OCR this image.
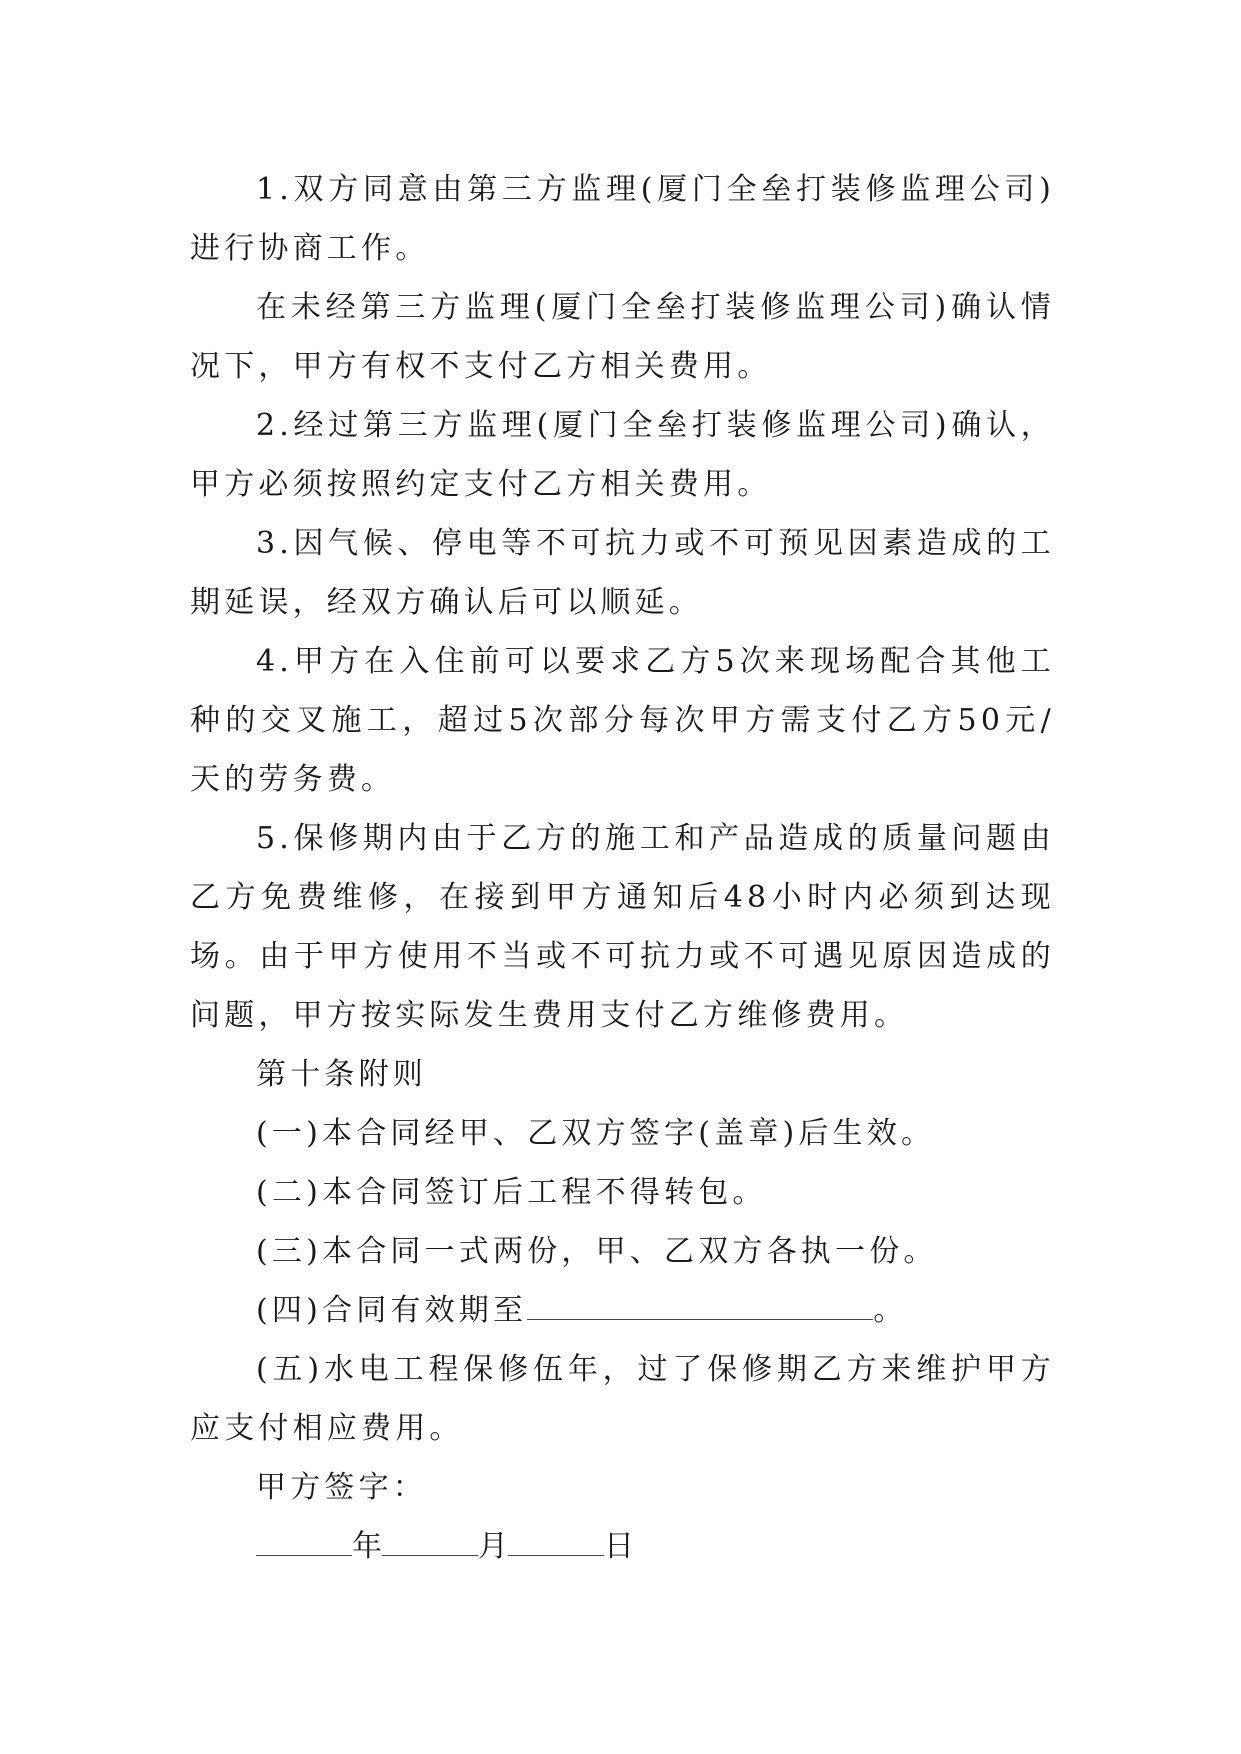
1.双方同意由第三方监理(厦门全垒打装修监理公司)进行协商工作。

在未经第三方监理(厦门全垒打装修监理公司)确认情况下，甲方有权不支付乙方相关费用。

2.经过第三方监理(厦门全垒打装修监理公司)确认，甲方必须按照约定支付乙方相关费用。

3.因气候、停电等不可抗力或不可预见因素造成的工期延误，经双方确认后可以顺延。

4.甲方在入住前可以要求乙方5次来现场配合其他工种的交叉施工，超过5次部分每次甲方需支付乙方50元/天的劳务费。

5.保修期内由于乙方的施工和产品造成的质量问题由乙方免费维修，在接到甲方通知后48小时内必须到达现场。由于甲方使用不当或不可抗力或不可遇见原因造成的问题，甲方按实际发生费用支付乙方维修费用。

第十条附则

(一)本合同经甲、乙双方签字(盖章)后生效。

(二)本合同签订后工程不得转包。

(三)本合同一式两份，甲、乙双方各执一份。

(四)合同有效期至	。

(五)水电工程保修伍年，过了保修期乙方来维护甲方应支付相应费用。

甲方签字：

年	月	日
